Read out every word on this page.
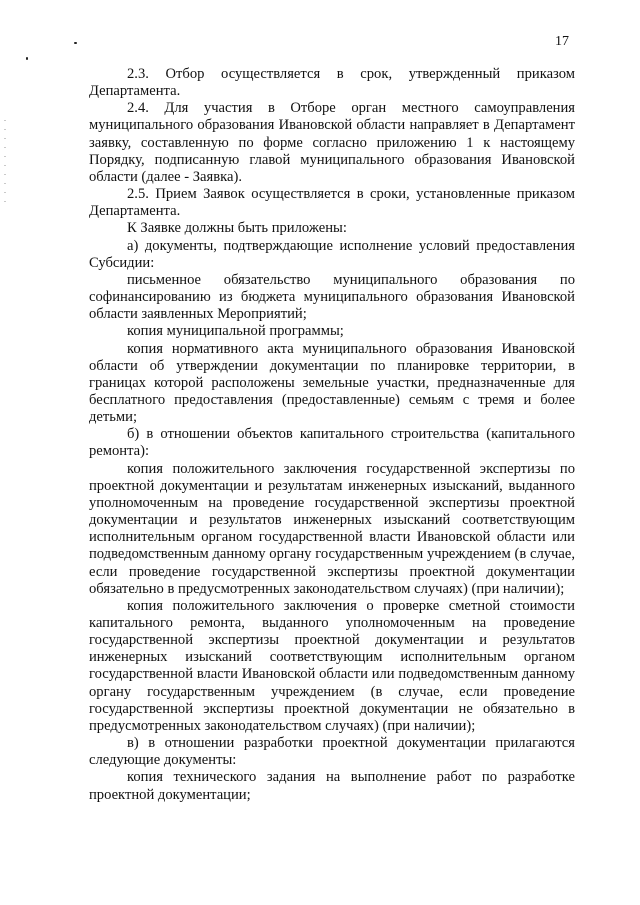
17

2.3. Отбор осуществляется в срок, утвержденный приказом Департамента.

2.4. Для участия в Отборе орган местного самоуправления муниципального образования Ивановской области направляет в Департамент заявку, составленную по форме согласно приложению 1 к настоящему Порядку, подписанную главой муниципального образования Ивановской области (далее - Заявка).

2.5. Прием Заявок осуществляется в сроки, установленные приказом Департамента.

К Заявке должны быть приложены:

а) документы, подтверждающие исполнение условий предоставления Субсидии:

письменное обязательство муниципального образования по софинансированию из бюджета муниципального образования Ивановской области заявленных Мероприятий;

копия муниципальной программы;

копия нормативного акта муниципального образования Ивановской области об утверждении документации по планировке территории, в границах которой расположены земельные участки, предназначенные для бесплатного предоставления (предоставленные) семьям с тремя и более детьми;

б) в отношении объектов капитального строительства (капитального ремонта):

копия положительного заключения государственной экспертизы по проектной документации и результатам инженерных изысканий, выданного уполномоченным на проведение государственной экспертизы проектной документации и результатов инженерных изысканий соответствующим исполнительным органом государственной власти Ивановской области или подведомственным данному органу государственным учреждением (в случае, если проведение государственной экспертизы проектной документации обязательно в предусмотренных законодательством случаях) (при наличии);

копия положительного заключения о проверке сметной стоимости капитального ремонта, выданного уполномоченным на проведение государственной экспертизы проектной документации и результатов инженерных изысканий соответствующим исполнительным органом государственной власти Ивановской области или подведомственным данному органу государственным учреждением (в случае, если проведение государственной экспертизы проектной документации не обязательно в предусмотренных законодательством случаях) (при наличии);

в) в отношении разработки проектной документации прилагаются следующие документы:

копия технического задания на выполнение работ по разработке проектной документации;
